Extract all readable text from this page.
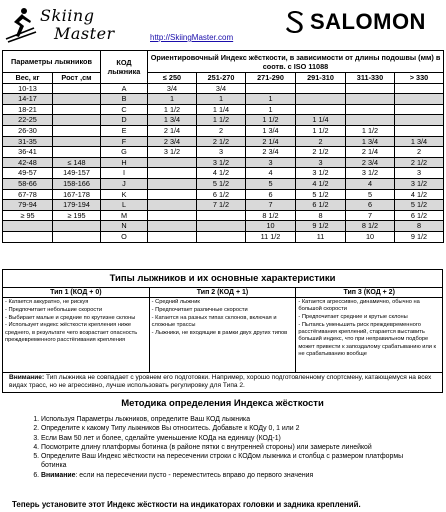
Skiing
Master	http://SkiingMaster.com
SALOMON
Параметры лыжников		КОД лыжника	Ориентировочный Индекс жёсткости, в зависимости от длины подошвы (мм) в соотв. с ISO 11088					
Вес, кг	Рост ,см		≤ 250	251-270	271-290	291-310	311-330	> 330
10-13		A	3/4	3/4				
14-17		B	1	1	1			
18-21		C	1 1/2	1 1/4	1			
22-25		D	1 3/4	1 1/2	1 1/2	1 1/4		
26-30		E	2 1/4	2	1 3/4	1 1/2	1 1/2	
31-35		F	2 3/4	2 1/2	2 1/4	2	1 3/4	1 3/4
36-41		G	3 1/2	3	2 3/4	2 1/2	2 1/4	2
42-48	≤ 148	H		3 1/2	3	3	2 3/4	2 1/2
49-57	149-157	I		4 1/2	4	3 1/2	3 1/2	3
58-66	158-166	J		5 1/2	5	4 1/2	4	3 1/2
67-78	167-178	K		6 1/2	6	5 1/2	5	4 1/2
79-94	179-194	L		7 1/2	7	6 1/2	6	5 1/2
≥ 95	≥ 195	M			8 1/2	8	7	6 1/2
		N			10	9 1/2	8 1/2	8
		O			11 1/2	11	10	9 1/2
Типы лыжников и их основные характеристики
Тип 1 (КОД + 0)
- Катается аккуратно, не рискуя
- Предпочитает небольшие скорости
- Выбирает малые и средние по крутизне склоны
- Использует индекс жёсткости крепления ниже среднего, в результате чего возрастает опасность преждевременного расстёгивания крепления
Тип 2 (КОД + 1)
- Средний лыжник
- Предпочитает различные скорости
- Катается на разных типах склонов, включая и сложные трассы
- Лыжники, не входящие в рамки двух других типов
Тип 3 (КОД + 2)
- Катается агрессивно, динамично, обычно на большой скорости
- Предпочитает средние и крутые склоны
- Пытаясь уменьшить риск преждевременного расстёгивания креплений, старается выставить больший индекс, что при неправильном подборе может привести к запоздалому срабатыванию или к не срабатыванию вообще
Внимание: Тип лыжника не совпадает с уровнем его подготовки. Например, хорошо подготовленному спортсмену, катающемуся на всех видах трасс, но не агрессивно, лучше использовать регулировку для Типа 2.
Методика определения Индекса жёсткости
1. Используя Параметры лыжников, определите Ваш КОД лыжника
2. Определите к какому Типу лыжников Вы относитесь. Добавьте к КОДу 0, 1 или 2
3. Если Вам 50 лет и более, сделайте уменьшение КОДа на единицу (КОД-1)
4. Посмотрите длину платформы ботинка (в районе пятки с внутренней стороны) или замерьте линейкой
5. Определите Ваш Индекс жёсткости на пересечении строки с КОДом лыжника и столбца с размером платформы ботинка
6. Внимание: если на пересечении пусто - переместитесь вправо до первого значения
Теперь установите этот Индекс жёсткости на индикаторах головки и задника креплений.
